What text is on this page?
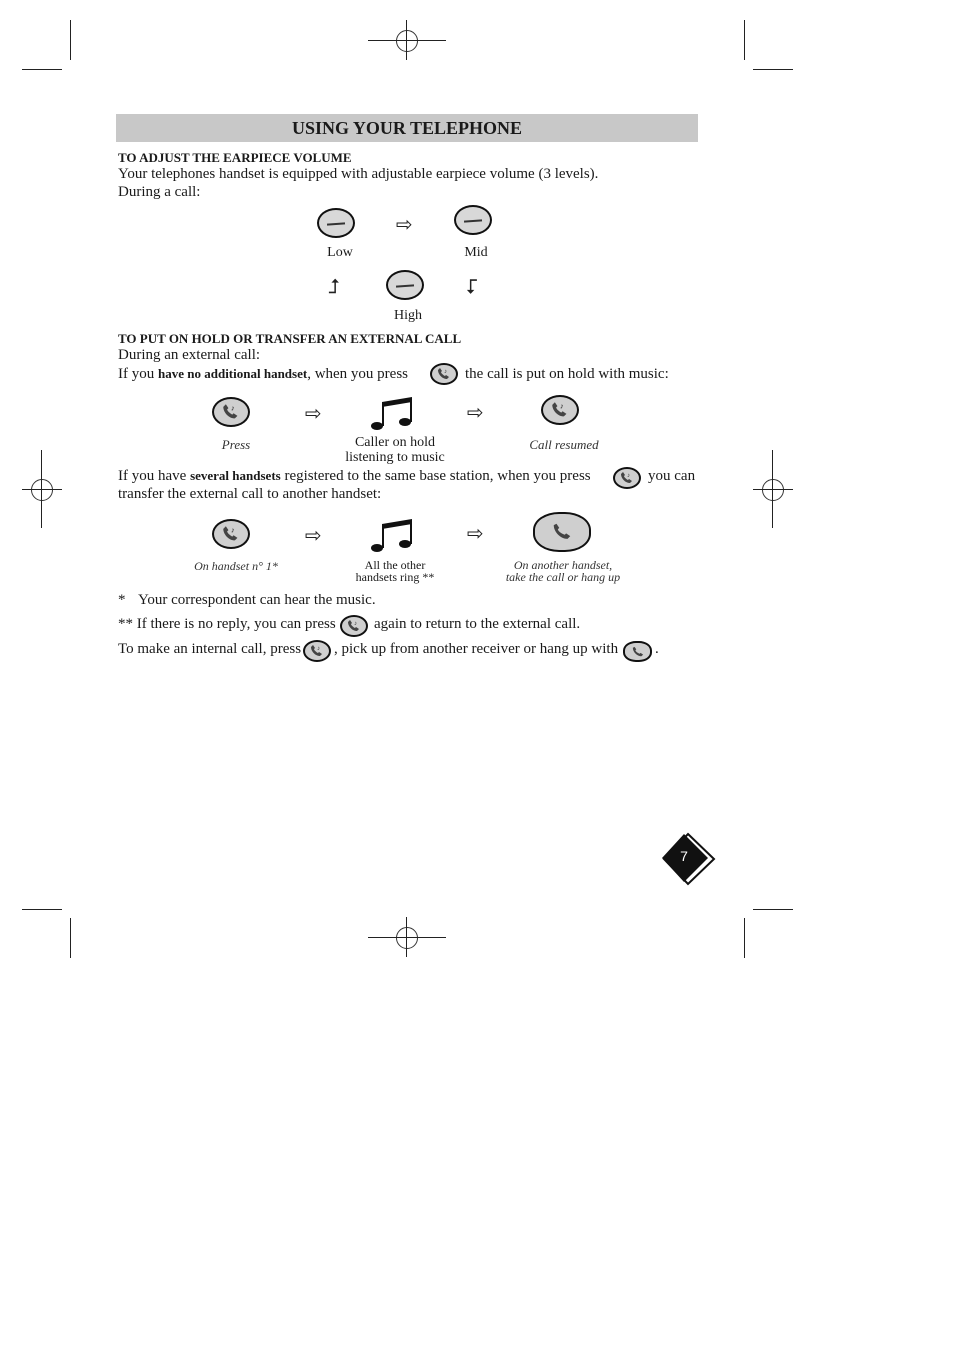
USING YOUR TELEPHONE
TO ADJUST THE EARPIECE VOLUME
Your telephones handset is equipped with adjustable earpiece volume (3 levels).
During a call:
⇨
Low	Mid
⮥	⮦
High
TO PUT ON HOLD OR TRANSFER AN EXTERNAL CALL
During an external call:
If you have no additional handset, when you press	♪ the call is put on hold with music:
♪	⇨	⇨	♪
Press	Caller on hold
listening to music
Call resumed
If you have several handsets registered to the same base station, when you press	♪ you can
transfer the external call to another handset:
♪	⇨	⇨
On handset n° 1*	All the other
handsets ring **
On another handset,
take the call or hang up
* Your correspondent can hear the music.
** If there is no reply, you can press	♪ again to return to the external call.
To make an internal call, press	♪ , pick up from another receiver or hang up with .
7
